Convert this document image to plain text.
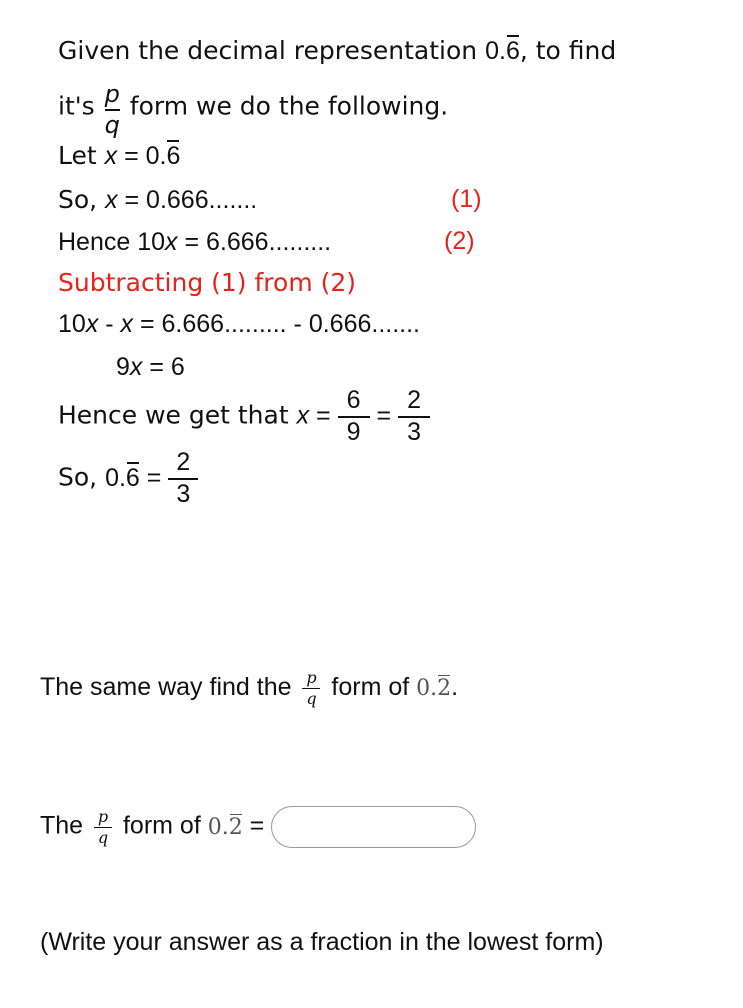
Given the decimal representation 0.6, to find
$it's \frac{p}{q}$ form we do the following.
Let x = 0.6
So, x = 0.666.......	(1)
Hence 10x = 6.666.........	(2)
Subtracting (1) from (2)
10x - x = 6.666......... - 0.666.......
9x = 6
Hence we get that $x = \frac{6}{9} = \frac{2}{3}$
So, $0.6 = \frac{2}{3}$
The same way find the $\frac{p}{q}$ form of 0.2.
The $\frac{p}{q}$ form of 0.2 =
(Write your answer as a fraction in the lowest form)
